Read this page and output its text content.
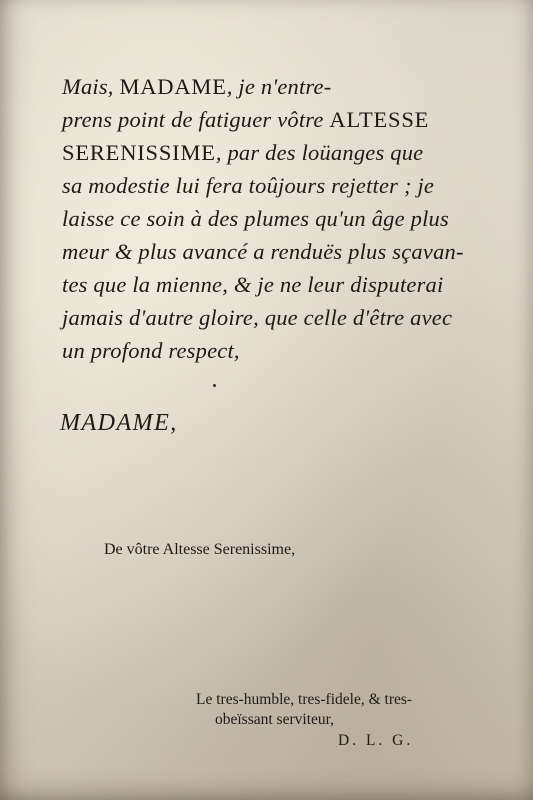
Mais, MADAME, je n'entre-
prens point de fatiguer vôtre ALTESSE
SERENISSIME, par des loüanges que
sa modestie lui fera toûjours rejetter ; je
laisse ce soin à des plumes qu'un âge plus
meur & plus avancé a renduës plus sçavan-
tes que la mienne, & je ne leur disputerai
jamais d'autre gloire, que celle d'être avec
un profond respect,
MADAME,
De vôtre Altesse Serenissime,
Le tres-humble, tres-fidele, & tres-
obeïssant serviteur,
D. L. G.
